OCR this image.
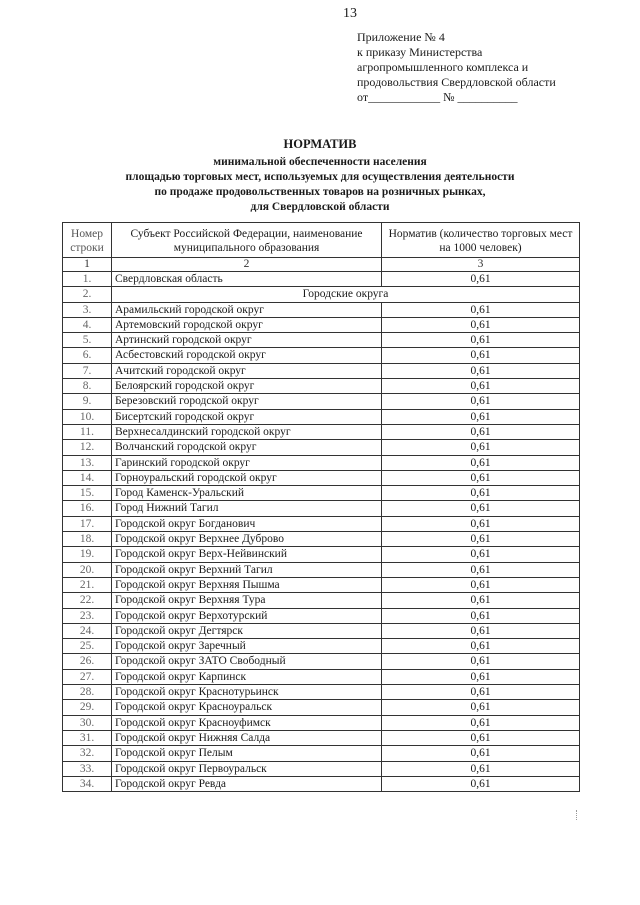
13
Приложение № 4
к приказу Министерства
агропромышленного комплекса и
продовольствия Свердловской области
от____________ № __________
НОРМАТИВ
минимальной обеспеченности населения
площадью торговых мест, используемых для осуществления деятельности
по продаже продовольственных товаров на розничных рынках,
для Свердловской области
Номер строки	Субъект Российской Федерации, наименование муниципального образования	Норматив (количество торговых мест на 1000 человек)
1	2	3
1.	Свердловская область	0,61
2.	Городские округа	
3.	Арамильский городской округ	0,61
4.	Артемовский городской округ	0,61
5.	Артинский городской округ	0,61
6.	Асбестовский городской округ	0,61
7.	Ачитский городской округ	0,61
8.	Белоярский городской округ	0,61
9.	Березовский городской округ	0,61
10.	Бисертский городской округ	0,61
11.	Верхнесалдинский городской округ	0,61
12.	Волчанский городской округ	0,61
13.	Гаринский городской округ	0,61
14.	Горноуральский городской округ	0,61
15.	Город Каменск-Уральский	0,61
16.	Город Нижний Тагил	0,61
17.	Городской округ Богданович	0,61
18.	Городской округ Верхнее Дуброво	0,61
19.	Городской округ Верх-Нейвинский	0,61
20.	Городской округ Верхний Тагил	0,61
21.	Городской округ Верхняя Пышма	0,61
22.	Городской округ Верхняя Тура	0,61
23.	Городской округ Верхотурский	0,61
24.	Городской округ Дегтярск	0,61
25.	Городской округ Заречный	0,61
26.	Городской округ ЗАТО Свободный	0,61
27.	Городской округ Карпинск	0,61
28.	Городской округ Краснотурьинск	0,61
29.	Городской округ Красноуральск	0,61
30.	Городской округ Красноуфимск	0,61
31.	Городской округ Нижняя Салда	0,61
32.	Городской округ Пелым	0,61
33.	Городской округ Первоуральск	0,61
34.	Городской округ Ревда	0,61
